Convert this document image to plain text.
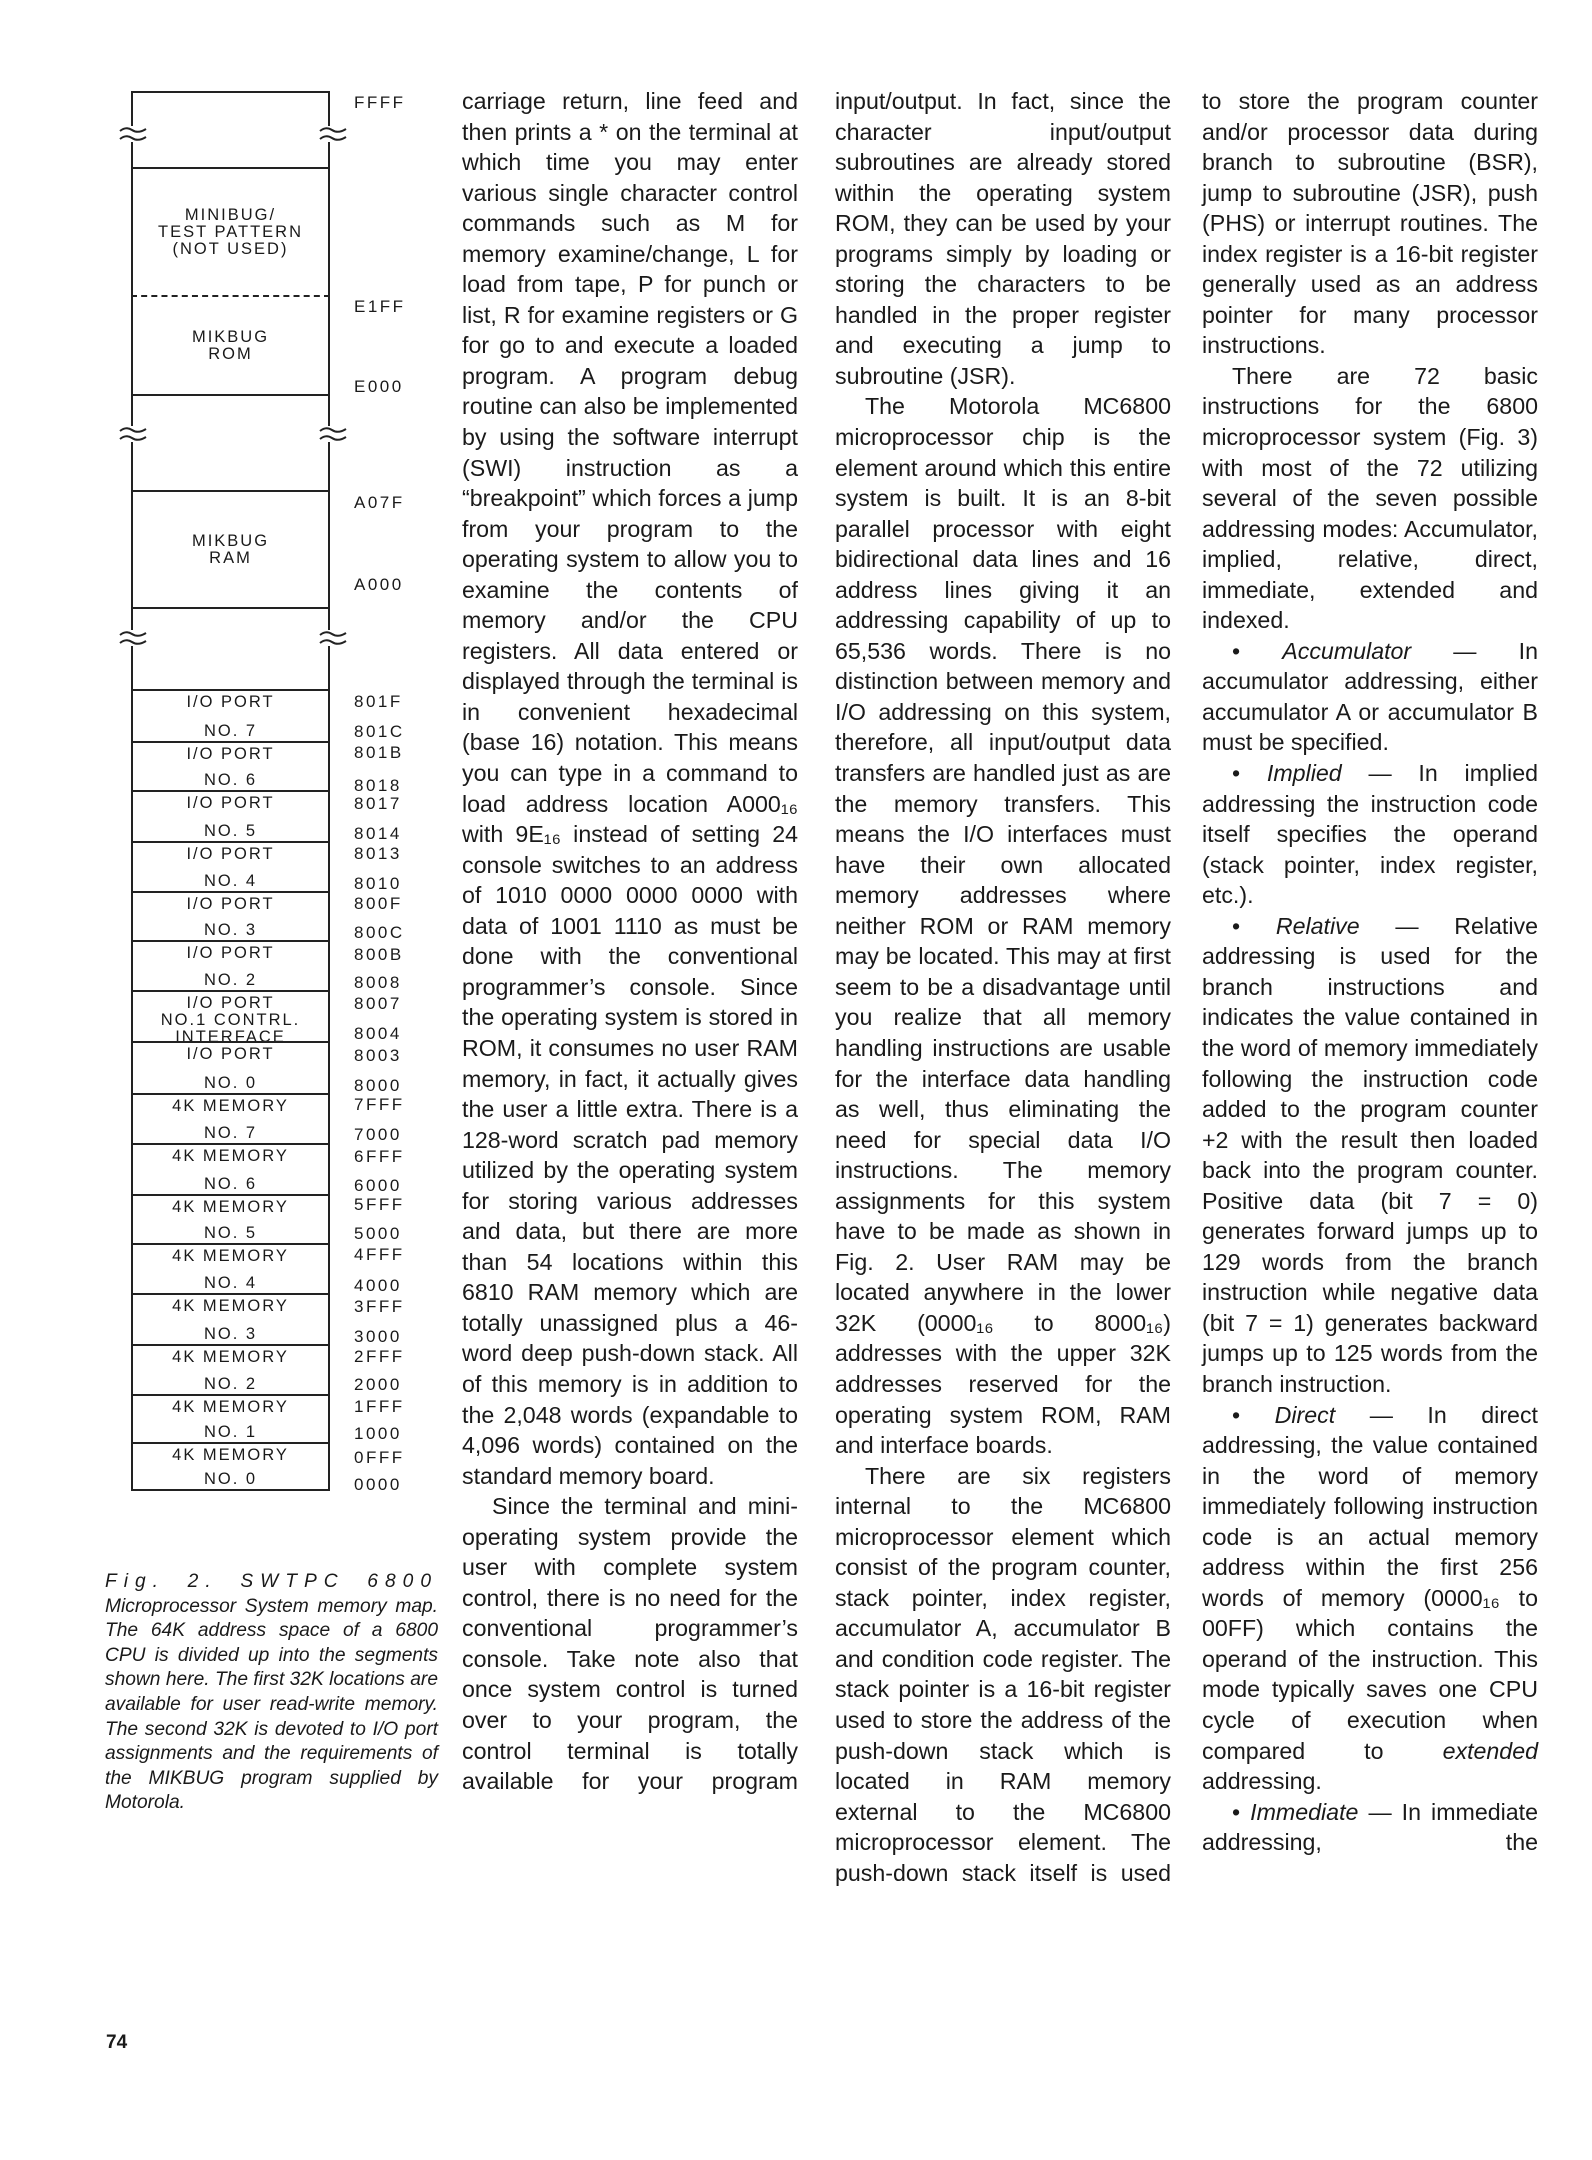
MINIBUG/
TEST PATTERN
(NOT USED)
MIKBUG
ROM
MIKBUG
RAM
I/O PORT
NO. 7
I/O PORT
NO. 6
I/O PORT
NO. 5
I/O PORT
NO. 4
I/O PORT
NO. 3
I/O PORT
NO. 2
I/O PORT
NO.1 CONTRL.
INTERFACE
I/O PORT
NO. 0
4K MEMORY
NO. 7
4K MEMORY
NO. 6
4K MEMORY
NO. 5
4K MEMORY
NO. 4
4K MEMORY
NO. 3
4K MEMORY
NO. 2
4K MEMORY
NO. 1
4K MEMORY
NO. 0
FFFF
E1FF
E000
A07F
A000
801F
801C
801B
8018
8017
8014
8013
8010
800F
800C
800B
8008
8007
8004
8003
8000
7FFF
7000
6FFF
6000
5FFF
5000
4FFF
4000
3FFF
3000
2FFF
2000
1FFF
1000
0FFF
0000
Fig. 2. SWTPC 6800 Microprocessor System memory map. The 64K address space of a 6800 CPU is divided up into the segments shown here. The first 32K locations are available for user read-write memory. The second 32K is devoted to I/O port assignments and the requirements of the MIKBUG program supplied by Motorola.

carriage return, line feed and then prints a * on the terminal at which time you may enter various single character control commands such as M for memory examine/change, L for load from tape, P for punch or list, R for examine registers or G for go to and execute a loaded program. A program debug routine can also be implemented by using the software interrupt (SWI) instruction as a “breakpoint” which forces a jump from your program to the operating system to allow you to examine the contents of memory and/or the CPU registers. All data entered or displayed through the terminal is in convenient hexadecimal (base 16) notation. This means you can type in a command to load address location A000₁₆ with 9E₁₆ instead of setting 24 console switches to an address of 1010 0000 0000 0000 with data of 1001 1110 as must be done with the conventional programmer’s console. Since the operating system is stored in ROM, it consumes no user RAM memory, in fact, it actually gives the user a little extra. There is a 128-word scratch pad memory utilized by the operating system for storing various addresses and data, but there are more than 54 locations within this 6810 RAM memory which are totally unassigned plus a 46-word deep push-down stack. All of this memory is in addition to the 2,048 words (expandable to 4,096 words) contained on the standard memory board.

Since the terminal and mini-operating system provide the user with complete system control, there is no need for the conventional programmer’s console. Take note also that once system control is turned over to your program, the control terminal is totally available for your program

input/output. In fact, since the character input/output subroutines are already stored within the operating system ROM, they can be used by your programs simply by loading or storing the characters to be handled in the proper register and executing a jump to subroutine (JSR).

The Motorola MC6800 microprocessor chip is the element around which this entire system is built. It is an 8-bit parallel processor with eight bidirectional data lines and 16 address lines giving it an addressing capability of up to 65,536 words. There is no distinction between memory and I/O addressing on this system, therefore, all input/output data transfers are handled just as are the memory transfers. This means the I/O interfaces must have their own allocated memory addresses where neither ROM or RAM memory may be located. This may at first seem to be a disadvantage until you realize that all memory handling instructions are usable for the interface data handling as well, thus eliminating the need for special data I/O instructions. The memory assignments for this system have to be made as shown in Fig. 2. User RAM may be located anywhere in the lower 32K (0000₁₆ to 8000₁₆) addresses with the upper 32K addresses reserved for the operating system ROM, RAM and interface boards.

There are six registers internal to the MC6800 microprocessor element which consist of the program counter, stack pointer, index register, accumulator A, accumulator B and condition code register. The stack pointer is a 16-bit register used to store the address of the push-down stack which is located in RAM memory external to the MC6800 microprocessor element. The push-down stack itself is used

to store the program counter and/or processor data during branch to subroutine (BSR), jump to subroutine (JSR), push (PHS) or interrupt routines. The index register is a 16-bit register generally used as an address pointer for many processor instructions.

There are 72 basic instructions for the 6800 microprocessor system (Fig. 3) with most of the 72 utilizing several of the seven possible addressing modes: Accumulator, implied, relative, direct, immediate, extended and indexed.

• Accumulator — In accumulator addressing, either accumulator A or accumulator B must be specified.

• Implied — In implied addressing the instruction code itself specifies the operand (stack pointer, index register, etc.).

• Relative — Relative addressing is used for the branch instructions and indicates the value contained in the word of memory immediately following the instruction code added to the program counter +2 with the result then loaded back into the program counter. Positive data (bit 7 = 0) generates forward jumps up to 129 words from the branch instruction while negative data (bit 7 = 1) generates backward jumps up to 125 words from the branch instruction.

• Direct — In direct addressing, the value contained in the word of memory immediately following instruction code is an actual memory address within the first 256 words of memory (0000₁₆ to 00FF) which contains the operand of the instruction. This mode typically saves one CPU cycle of execution when compared to extended addressing.

• Immediate — In immediate addressing, the

74
